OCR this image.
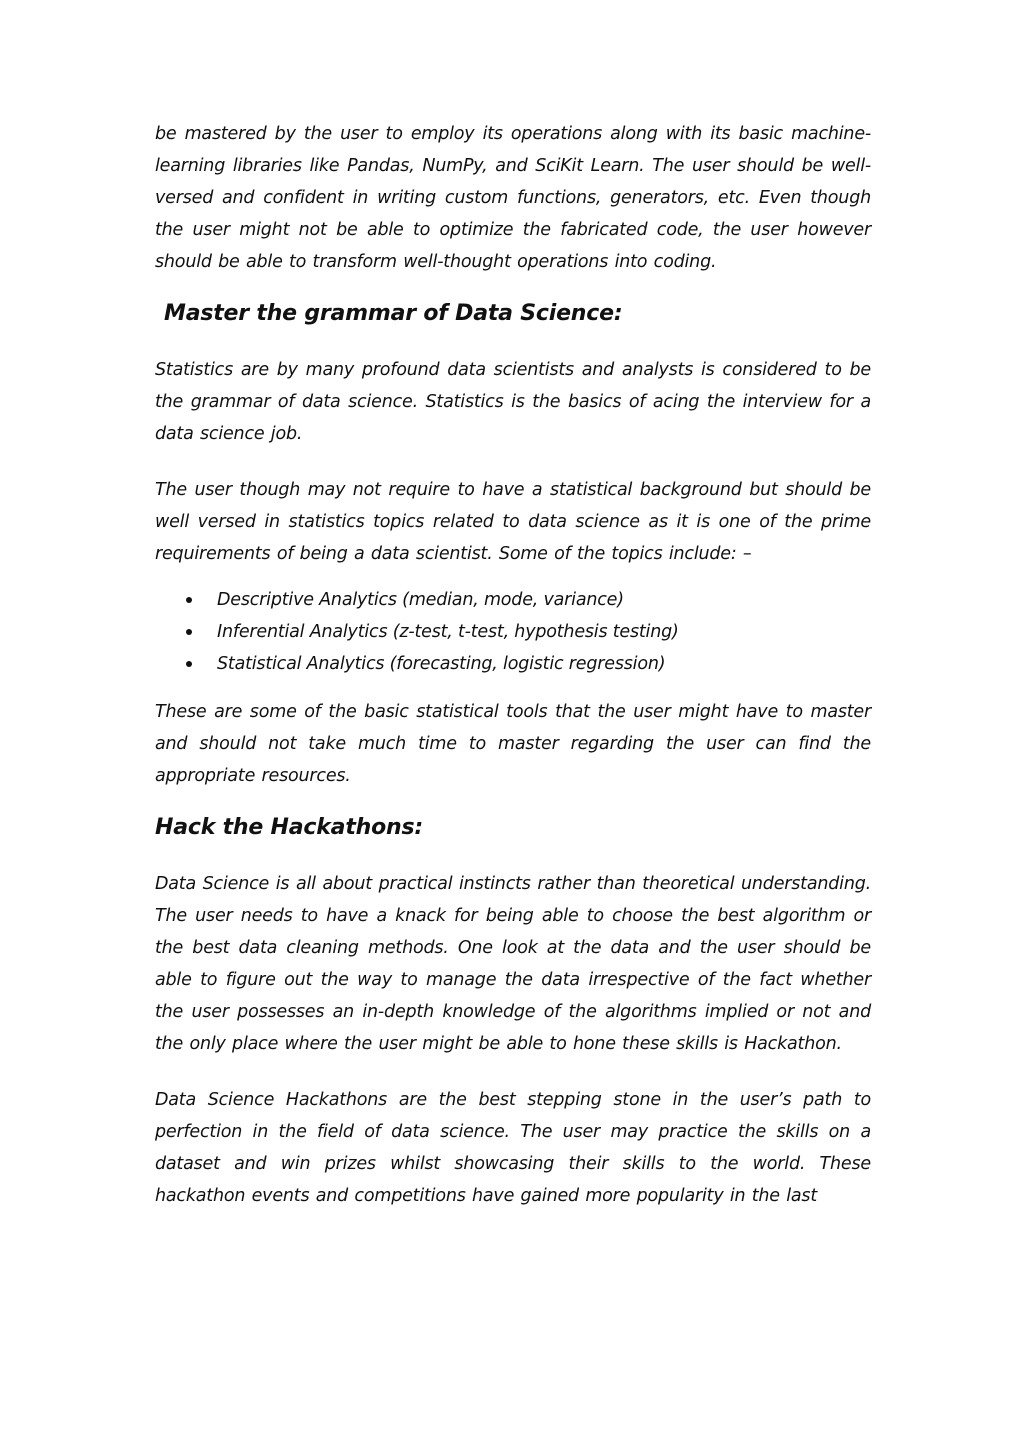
be mastered by the user to employ its operations along with its basic machine-learning libraries like Pandas, NumPy, and SciKit Learn. The user should be well-versed and confident in writing custom functions, generators, etc. Even though the user might not be able to optimize the fabricated code, the user however should be able to transform well-thought operations into coding.

Master the grammar of Data Science:

Statistics are by many profound data scientists and analysts is considered to be the grammar of data science. Statistics is the basics of acing the interview for a data science job.

The user though may not require to have a statistical background but should be well versed in statistics topics related to data science as it is one of the prime requirements of being a data scientist. Some of the topics include: –

Descriptive Analytics (median, mode, variance)
Inferential Analytics (z-test, t-test, hypothesis testing)
Statistical Analytics (forecasting, logistic regression)

These are some of the basic statistical tools that the user might have to master and should not take much time to master regarding the user can find the appropriate resources.

Hack the Hackathons:

Data Science is all about practical instincts rather than theoretical understanding. The user needs to have a knack for being able to choose the best algorithm or the best data cleaning methods. One look at the data and the user should be able to figure out the way to manage the data irrespective of the fact whether the user possesses an in-depth knowledge of the algorithms implied or not and the only place where the user might be able to hone these skills is Hackathon.

Data Science Hackathons are the best stepping stone in the user’s path to perfection in the field of data science. The user may practice the skills on a dataset and win prizes whilst showcasing their skills to the world. These hackathon events and competitions have gained more popularity in the last
